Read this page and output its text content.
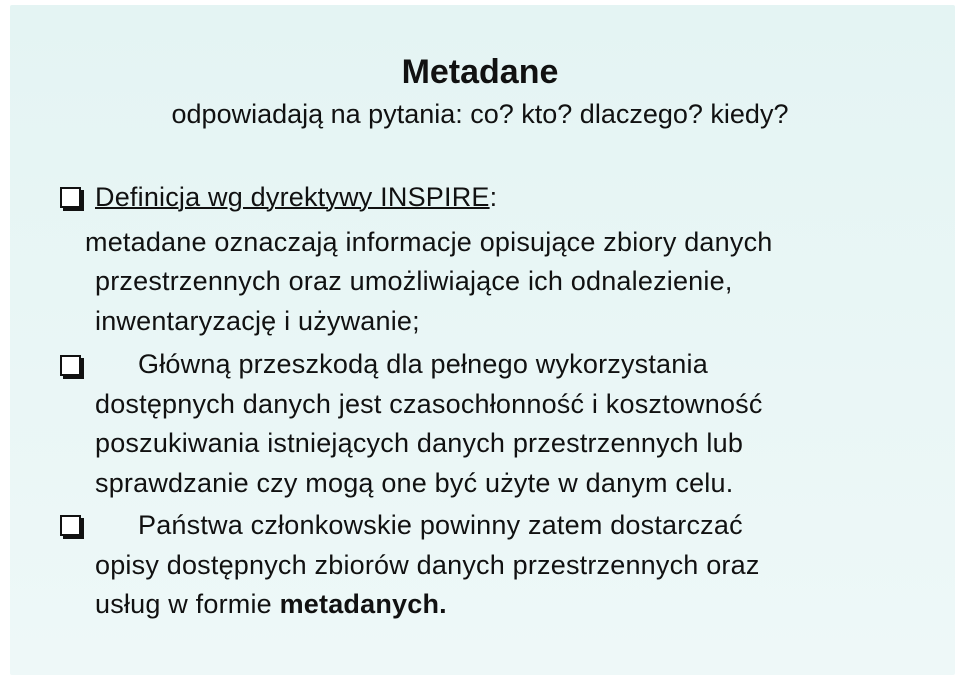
Metadane
odpowiadają na pytania: co? kto? dlaczego? kiedy?
Definicja wg dyrektywy INSPIRE:
metadane oznaczają informacje opisujące zbiory danych
przestrzennych oraz umożliwiające ich odnalezienie,
inwentaryzację i używanie;
Główną przeszkodą dla pełnego wykorzystania
dostępnych danych jest czasochłonność i kosztowność
poszukiwania istniejących danych przestrzennych lub
sprawdzanie czy mogą one być użyte w danym celu.
Państwa członkowskie powinny zatem dostarczać
opisy dostępnych zbiorów danych przestrzennych oraz
usług w formie metadanych.
